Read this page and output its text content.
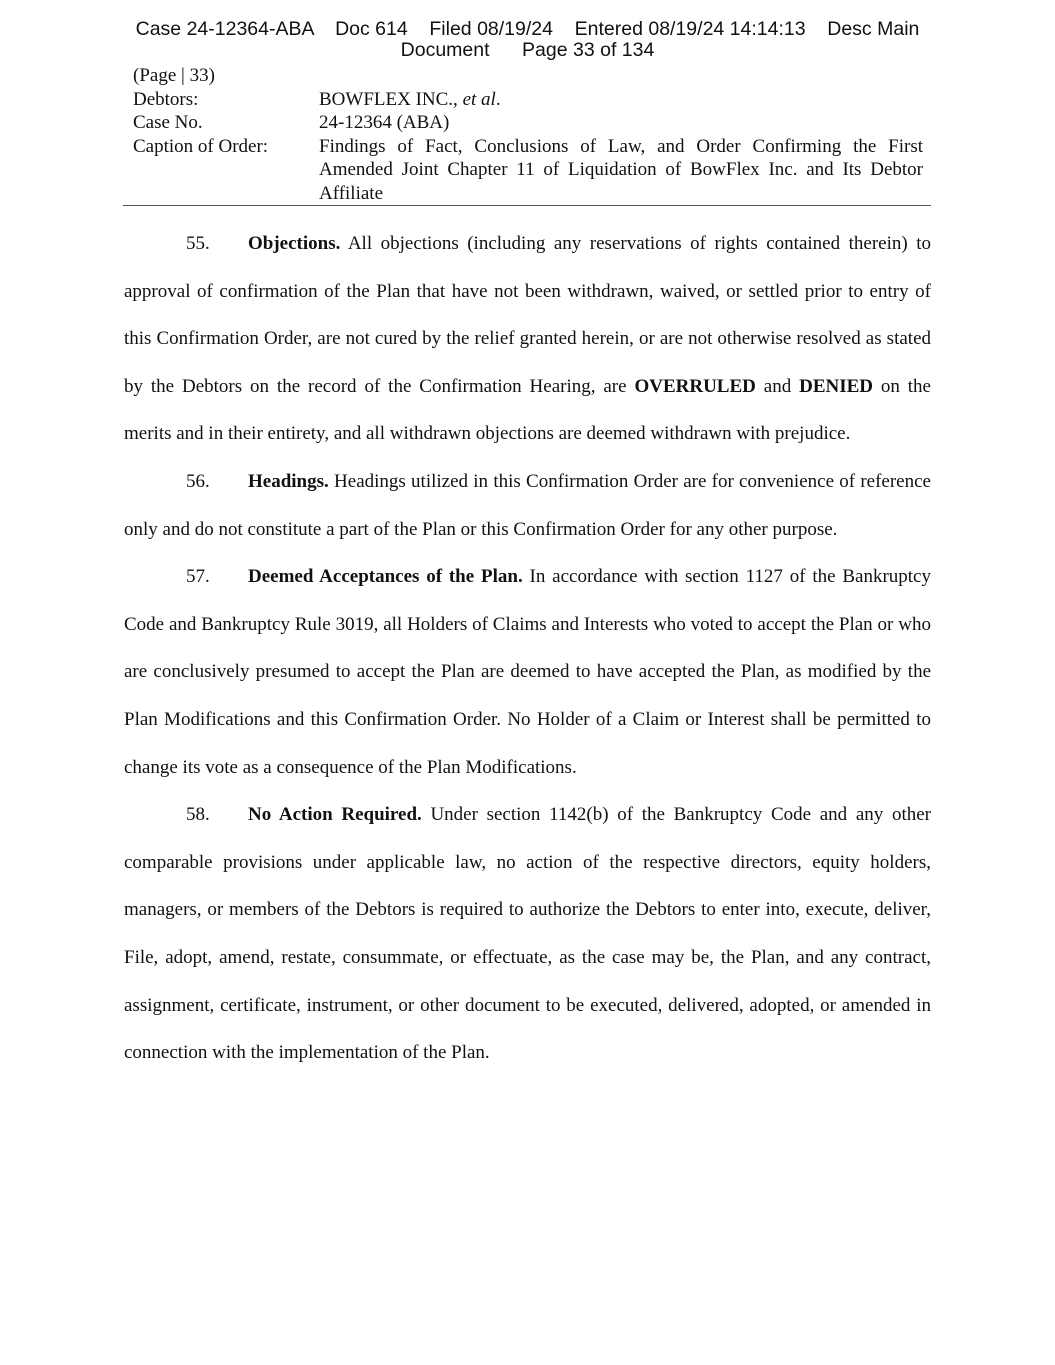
Case 24-12364-ABA    Doc 614    Filed 08/19/24    Entered 08/19/24 14:14:13    Desc Main
Document      Page 33 of 134
(Page | 33)
Debtors:	BOWFLEX INC., et al.
Case No.	24-12364 (ABA)
Caption of Order:	Findings of Fact, Conclusions of Law, and Order Confirming the First Amended Joint Chapter 11 of Liquidation of BowFlex Inc. and Its Debtor Affiliate

55. Objections. All objections (including any reservations of rights contained therein) to approval of confirmation of the Plan that have not been withdrawn, waived, or settled prior to entry of this Confirmation Order, are not cured by the relief granted herein, or are not otherwise resolved as stated by the Debtors on the record of the Confirmation Hearing, are OVERRULED and DENIED on the merits and in their entirety, and all withdrawn objections are deemed withdrawn with prejudice.

56. Headings. Headings utilized in this Confirmation Order are for convenience of reference only and do not constitute a part of the Plan or this Confirmation Order for any other purpose.

57. Deemed Acceptances of the Plan. In accordance with section 1127 of the Bankruptcy Code and Bankruptcy Rule 3019, all Holders of Claims and Interests who voted to accept the Plan or who are conclusively presumed to accept the Plan are deemed to have accepted the Plan, as modified by the Plan Modifications and this Confirmation Order. No Holder of a Claim or Interest shall be permitted to change its vote as a consequence of the Plan Modifications.

58. No Action Required. Under section 1142(b) of the Bankruptcy Code and any other comparable provisions under applicable law, no action of the respective directors, equity holders, managers, or members of the Debtors is required to authorize the Debtors to enter into, execute, deliver, File, adopt, amend, restate, consummate, or effectuate, as the case may be, the Plan, and any contract, assignment, certificate, instrument, or other document to be executed, delivered, adopted, or amended in connection with the implementation of the Plan.
